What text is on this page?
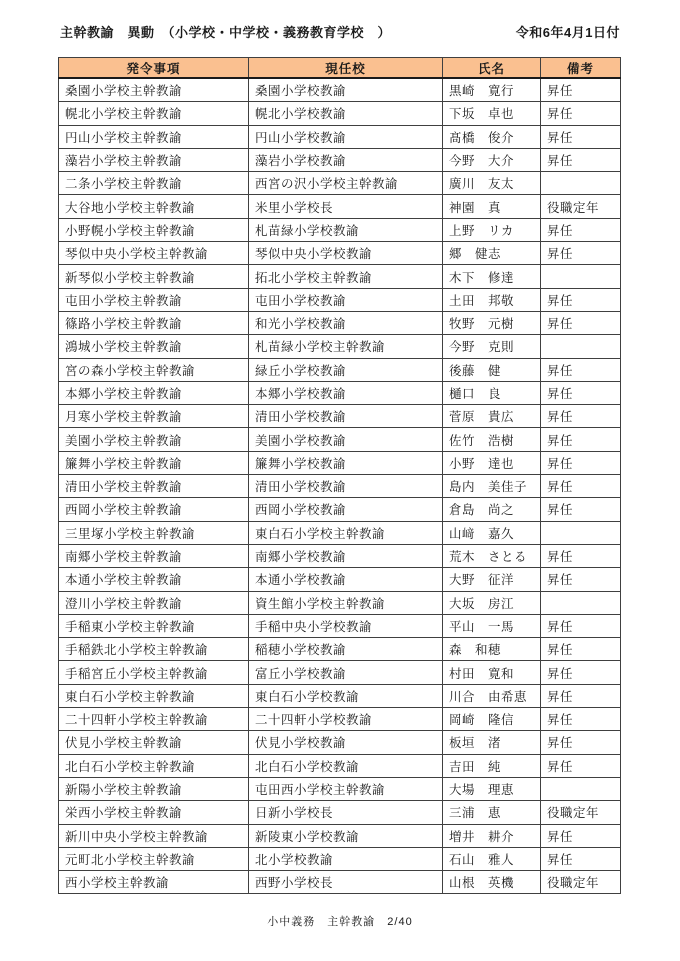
主幹教諭　異動　（小学校・中学校・義務教育学校　）	令和6年4月1日付
発令事項	現任校	氏名	備考
桑園小学校主幹教諭	桑園小学校教諭	黒崎　寛行	昇任
幌北小学校主幹教諭	幌北小学校教諭	下坂　卓也	昇任
円山小学校主幹教諭	円山小学校教諭	髙橋　俊介	昇任
藻岩小学校主幹教諭	藻岩小学校教諭	今野　大介	昇任
二条小学校主幹教諭	西宮の沢小学校主幹教諭	廣川　友太	
大谷地小学校主幹教諭	米里小学校長	神園　真	役職定年
小野幌小学校主幹教諭	札苗緑小学校教諭	上野　リカ	昇任
琴似中央小学校主幹教諭	琴似中央小学校教諭	郷　健志	昇任
新琴似小学校主幹教諭	拓北小学校主幹教諭	木下　修達	
屯田小学校主幹教諭	屯田小学校教諭	土田　邦敬	昇任
篠路小学校主幹教諭	和光小学校教諭	牧野　元樹	昇任
鴻城小学校主幹教諭	札苗緑小学校主幹教諭	今野　克則	
宮の森小学校主幹教諭	緑丘小学校教諭	後藤　健	昇任
本郷小学校主幹教諭	本郷小学校教諭	樋口　良	昇任
月寒小学校主幹教諭	清田小学校教諭	菅原　貴広	昇任
美園小学校主幹教諭	美園小学校教諭	佐竹　浩樹	昇任
簾舞小学校主幹教諭	簾舞小学校教諭	小野　達也	昇任
清田小学校主幹教諭	清田小学校教諭	島内　美佳子	昇任
西岡小学校主幹教諭	西岡小学校教諭	倉島　尚之	昇任
三里塚小学校主幹教諭	東白石小学校主幹教諭	山﨑　嘉久	
南郷小学校主幹教諭	南郷小学校教諭	荒木　さとる	昇任
本通小学校主幹教諭	本通小学校教諭	大野　征洋	昇任
澄川小学校主幹教諭	資生館小学校主幹教諭	大坂　房江	
手稲東小学校主幹教諭	手稲中央小学校教諭	平山　一馬	昇任
手稲鉄北小学校主幹教諭	稲穂小学校教諭	森　和穂	昇任
手稲宮丘小学校主幹教諭	富丘小学校教諭	村田　寛和	昇任
東白石小学校主幹教諭	東白石小学校教諭	川合　由希恵	昇任
二十四軒小学校主幹教諭	二十四軒小学校教諭	岡崎　隆信	昇任
伏見小学校主幹教諭	伏見小学校教諭	板垣　渚	昇任
北白石小学校主幹教諭	北白石小学校教諭	吉田　純	昇任
新陽小学校主幹教諭	屯田西小学校主幹教諭	大場　理恵	
栄西小学校主幹教諭	日新小学校長	三浦　恵	役職定年
新川中央小学校主幹教諭	新陵東小学校教諭	増井　耕介	昇任
元町北小学校主幹教諭	北小学校教諭	石山　雅人	昇任
西小学校主幹教諭	西野小学校長	山根　英機	役職定年
小中義務　主幹教諭　2/40
